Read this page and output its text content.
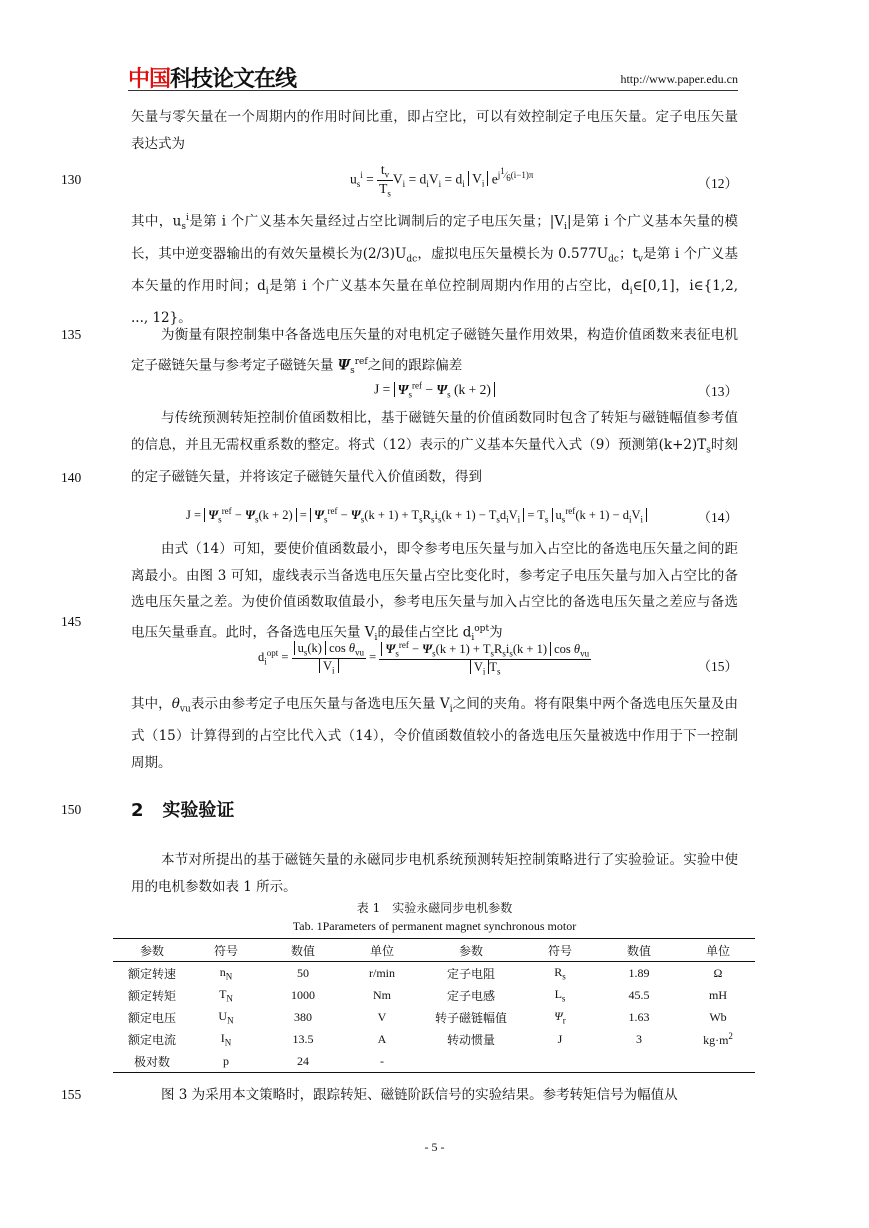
中国科技论文在线	http://www.paper.edu.cn
矢量与零矢量在一个周期内的作用时间比重，即占空比，可以有效控制定子电压矢量。定子电压矢量表达式为
130	$u_s^i = \frac{t_v}{T_s} V_i = d_iV_i = d_i$ $V_i$ $e^{j^1⁄_6(i-1)\pi}$
（12）
其中，$u_s^i$是第 i 个广义基本矢量经过占空比调制后的定子电压矢量；$|V_i|$是第 i 个广义基本矢量的模长，其中逆变器输出的有效矢量模长为$(2/3)U_{dc}$，虚拟电压矢量模长为 $0.577U_{dc}$；$t_v$是第 i 个广义基本矢量的作用时间；$d_i$是第 i 个广义基本矢量在单位控制周期内作用的占空比，$d_i\in[0,1]$，i∈{1,2, ..., 12}。
135	为衡量有限控制集中各备选电压矢量的对电机定子磁链矢量作用效果，构造价值函数来表征电机定子磁链矢量与参考定子磁链矢量 $\Psi_s^{ref}$之间的跟踪偏差
$J = \Psi_s^{ref} - \Psi_s$ (k + 2)	（13）
与传统预测转矩控制价值函数相比，基于磁链矢量的价值函数同时包含了转矩与磁链幅值参考值的信息，并且无需权重系数的整定。将式（12）表示的广义基本矢量代入式（9）预测第$(k+2)T_s$时刻的定子磁链矢量，并将该定子磁链矢量代入价值函数，得到
140
$J = \Psi_s^{ref} - \Psi_s(k + 2) = \Psi_s^{ref} - \Psi_s(k + 1) + T_sR_si_s(k + 1) - T_sd_iV_i = T_s$ $u_s^{ref}(k + 1) - d_iV_i$	（14）
由式（14）可知，要使价值函数最小，即令参考电压矢量与加入占空比的备选电压矢量之间的距离最小。由图 3 可知，虚线表示当备选电压矢量占空比变化时，参考定子电压矢量与加入占空比的备选电压矢量之差。为使价值函数取值最小，参考电压矢量与加入占空比的备选电压矢量之差应与备选电压矢量垂直。此时，各备选电压矢量 $V_i$的最佳占空比 $d_i^{opt}$为
145
$d_i^{opt} = \frac{u_s(k) \cos \theta_{vu}}{V_i} = \frac{\Psi_s^{ref} - \Psi_s(k + 1) + T_sR_si_s(k + 1) \cos \theta_{vu}}{V_i T_s}$	（15）
其中，$\theta_{vu}$表示由参考定子电压矢量与备选电压矢量 $V_i$之间的夹角。将有限集中两个备选电压矢量及由式（15）计算得到的占空比代入式（14），令价值函数值较小的备选电压矢量被选中作用于下一控制周期。
150	2 实验验证
本节对所提出的基于磁链矢量的永磁同步电机系统预测转矩控制策略进行了实验验证。实验中使用的电机参数如表 1 所示。
表 1　实验永磁同步电机参数
Tab. 1Parameters of permanent magnet synchronous motor
参数	符号	数值	单位	参数	符号	数值	单位
额定转速	$n_N$	50	r/min	定子电阻	$R_s$	1.89	Ω
额定转矩	$T_N$	1000	Nm	定子电感	$L_s$	45.5	mH
额定电压	$U_N$	380	V	转子磁链幅值	$\Psi_r$	1.63	Wb
额定电流	$I_N$	13.5	A	转动惯量	J	3	$kg\cdot m^2$
极对数	p	24	-				
155	图 3 为采用本文策略时，跟踪转矩、磁链阶跃信号的实验结果。参考转矩信号为幅值从
- 5 -
